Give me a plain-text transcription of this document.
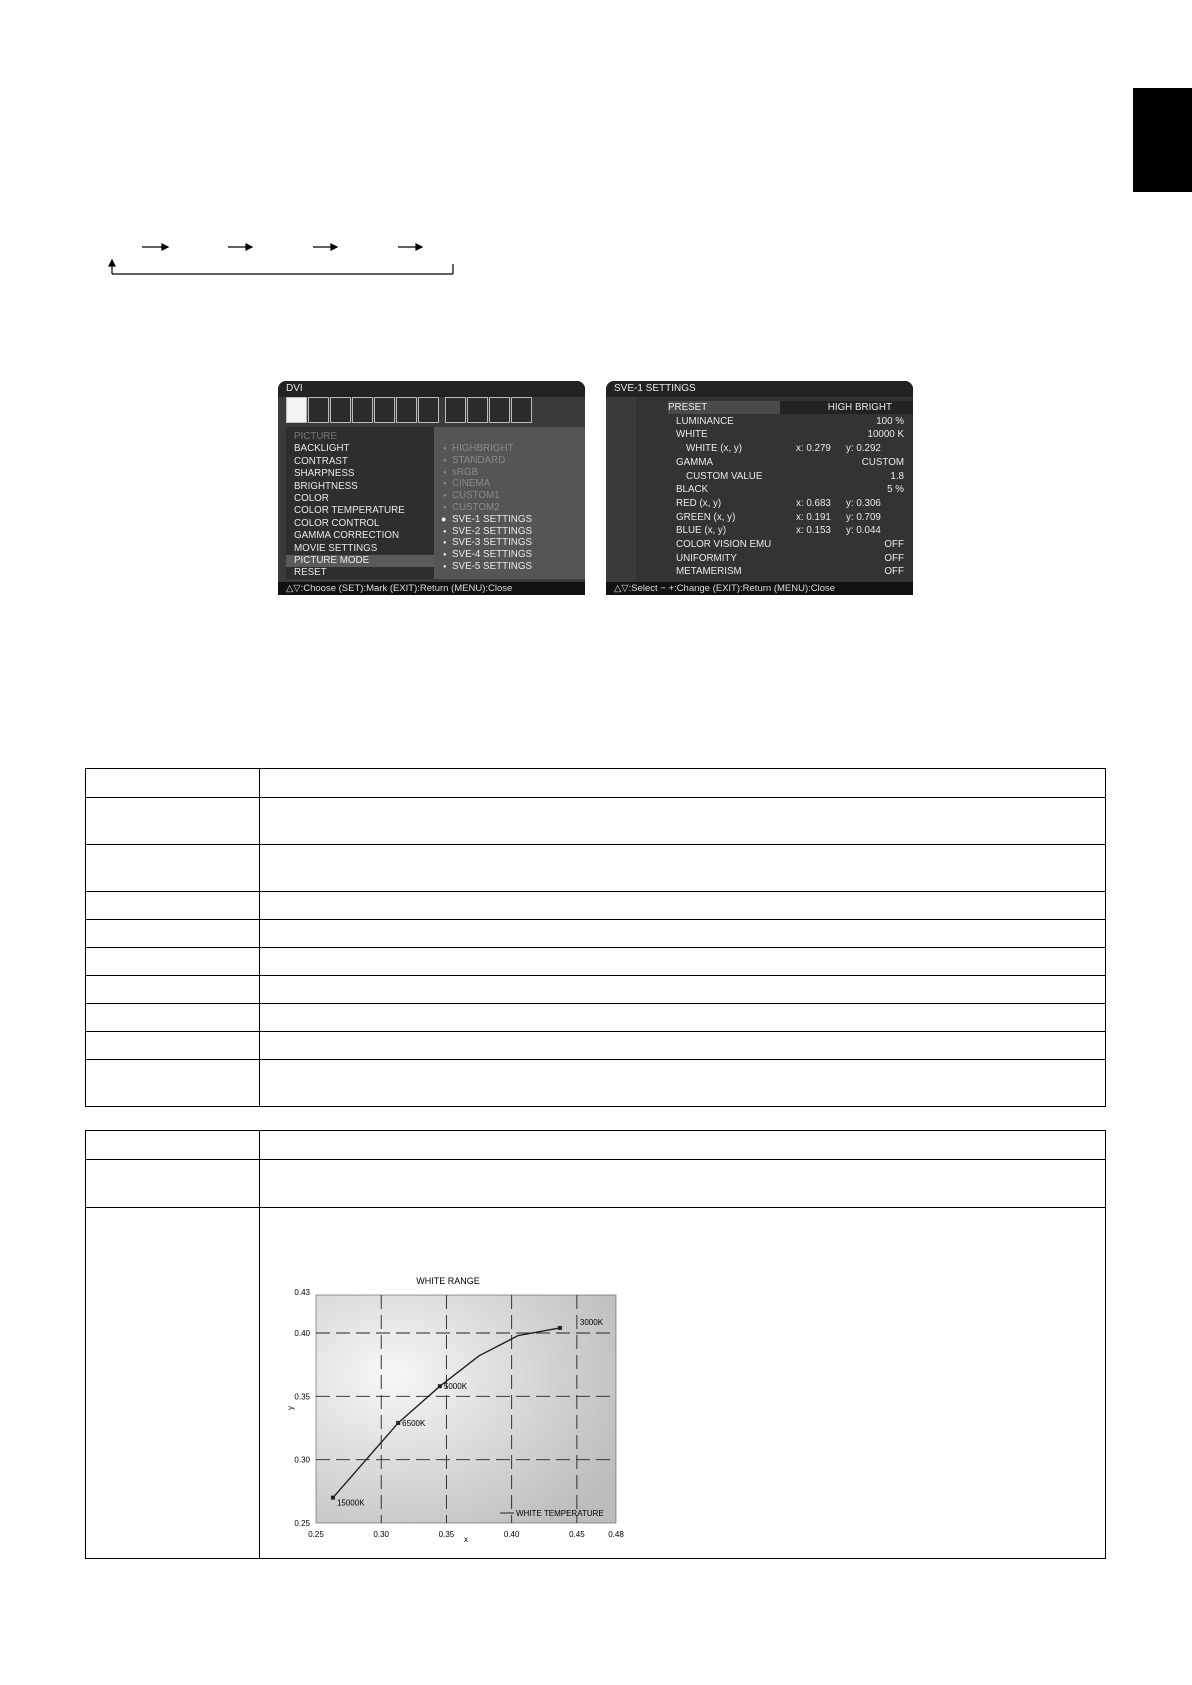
DVI
PICTURE
BACKLIGHT
CONTRAST
SHARPNESS
BRIGHTNESS
COLOR
COLOR TEMPERATURE
COLOR CONTROL
GAMMA CORRECTION
MOVIE SETTINGS
PICTURE MODE
RESET
● HIGHBRIGHT
● STANDARD
● sRGB
● CINEMA
● CUSTOM1
● CUSTOM2
● SVE-1 SETTINGS
● SVE-2 SETTINGS
● SVE-3 SETTINGS
● SVE-4 SETTINGS
● SVE-5 SETTINGS
△▽:Choose (SET):Mark (EXIT):Return (MENU):Close
SVE-1 SETTINGS
PRESET	HIGH BRIGHT
LUMINANCE	100 %
WHITE	10000 K
WHITE (x, y)	x: 0.279 y: 0.292
GAMMA	CUSTOM
CUSTOM VALUE	1.8
BLACK	5 %
RED (x, y)	x: 0.683 y: 0.306
GREEN (x, y)	x: 0.191 y: 0.709
BLUE (x, y)	x: 0.153 y: 0.044
COLOR VISION EMU	OFF
UNIFORMITY	OFF
METAMERISM	OFF
△▽:Select − +:Change (EXIT):Return (MENU):Close

WHITE RANGE
0.25	0.30	0.35	0.40	0.45	0.48
0.43
0.40
0.35
0.30
0.25
15000K
6500K
5000K
3000K
x
y
WHITE TEMPERATURE
